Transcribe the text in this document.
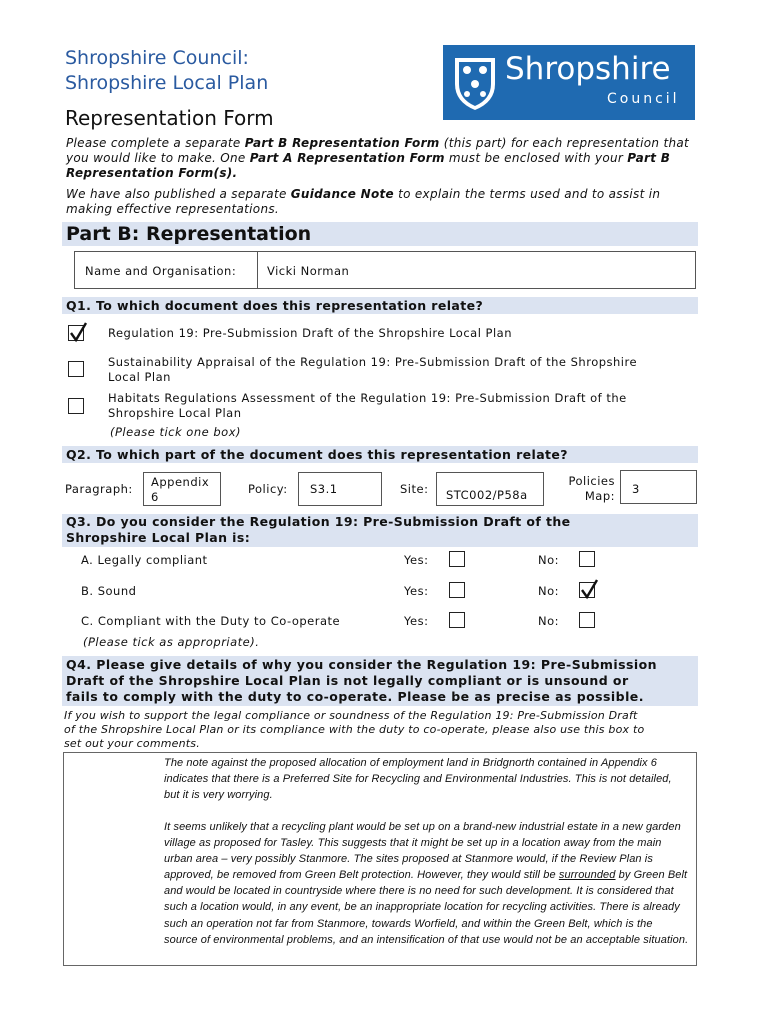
Shropshire Council:
Shropshire Local Plan
Representation Form
Shropshire
Council
Please complete a separate Part B Representation Form (this part) for each representation that you would like to make. One Part A Representation Form must be enclosed with your Part B Representation Form(s).
We have also published a separate Guidance Note to explain the terms used and to assist in making effective representations.
Part B: Representation
Name and Organisation:	Vicki Norman
Q1. To which document does this representation relate?
Regulation 19: Pre-Submission Draft of the Shropshire Local Plan
Sustainability Appraisal of the Regulation 19: Pre-Submission Draft of the Shropshire
Local Plan
Habitats Regulations Assessment of the Regulation 19: Pre-Submission Draft of the
Shropshire Local Plan
(Please tick one box)
Q2. To which part of the document does this representation relate?
Paragraph: Appendix
6
Policy: S3.1	Site: STC002/P58a
Policies
Map: 3
Q3. Do you consider the Regulation 19: Pre-Submission Draft of the
Shropshire Local Plan is:
A. Legally compliant	Yes:	No:
B. Sound	Yes:	No:
C. Compliant with the Duty to Co-operate	Yes:	No:
(Please tick as appropriate).
Q4. Please give details of why you consider the Regulation 19: Pre-Submission
Draft of the Shropshire Local Plan is not legally compliant or is unsound or
fails to comply with the duty to co-operate. Please be as precise as possible.
If you wish to support the legal compliance or soundness of the Regulation 19: Pre-Submission Draft
of the Shropshire Local Plan or its compliance with the duty to co-operate, please also use this box to
set out your comments.

The note against the proposed allocation of employment land in Bridgnorth contained in Appendix 6 indicates that there is a Preferred Site for Recycling and Environmental Industries. This is not detailed, but it is very worrying.

It seems unlikely that a recycling plant would be set up on a brand-new industrial estate in a new garden village as proposed for Tasley. This suggests that it might be set up in a location away from the main urban area – very possibly Stanmore. The sites proposed at Stanmore would, if the Review Plan is approved, be removed from Green Belt protection. However, they would still be surrounded by Green Belt and would be located in countryside where there is no need for such development. It is considered that such a location would, in any event, be an inappropriate location for recycling activities. There is already such an operation not far from Stanmore, towards Worfield, and within the Green Belt, which is the source of environmental problems, and an intensification of that use would not be an acceptable situation.
